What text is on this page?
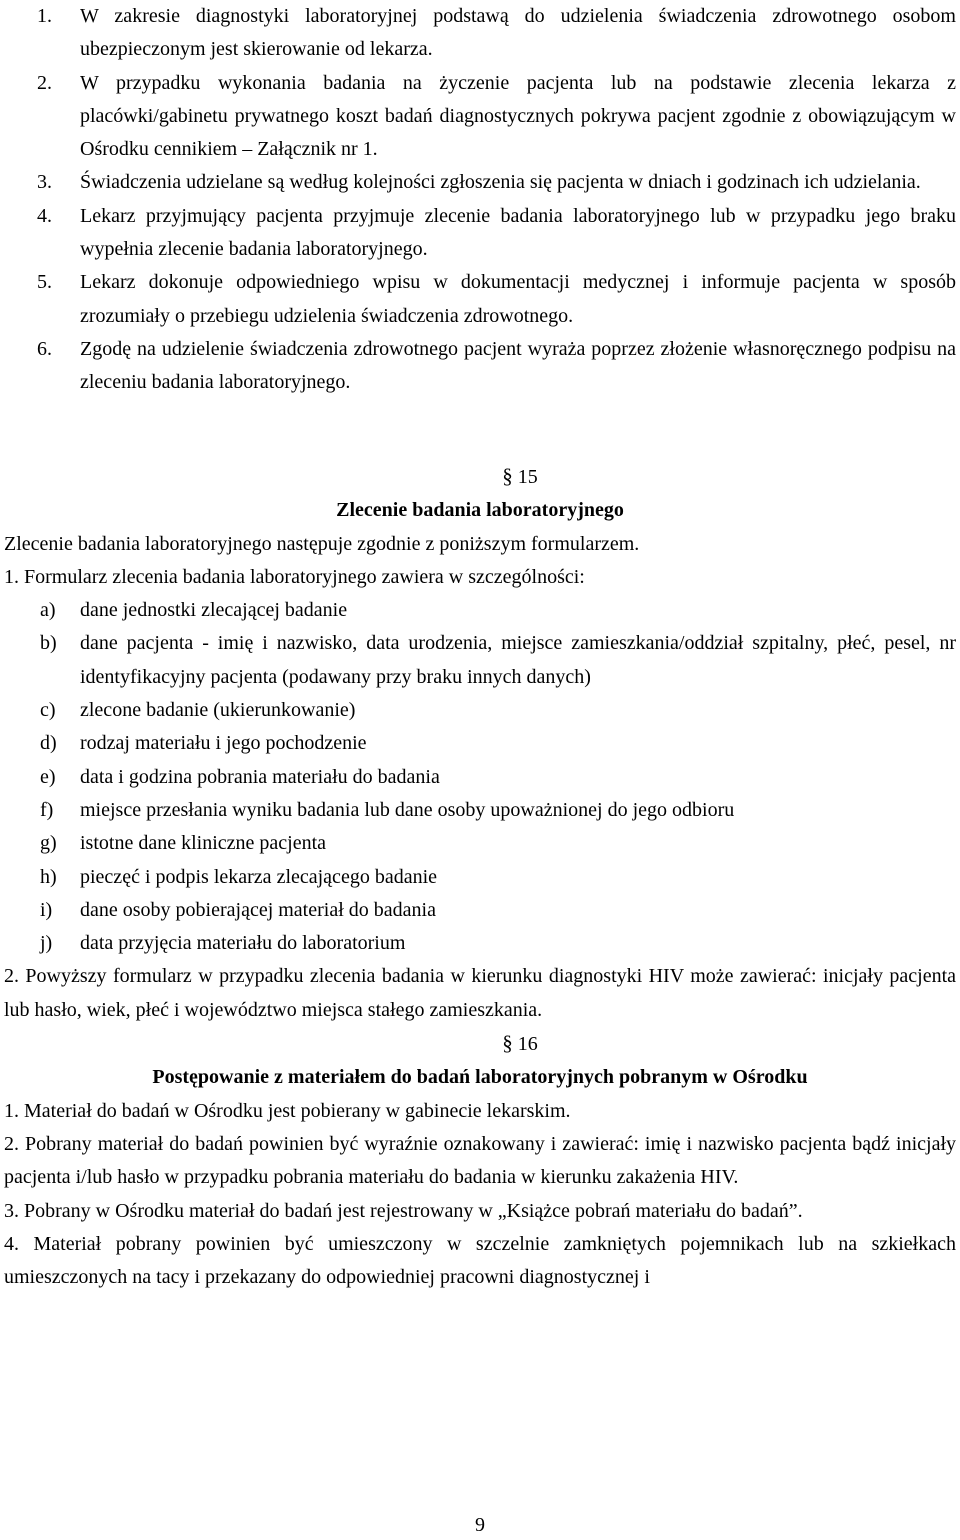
1. W zakresie diagnostyki laboratoryjnej podstawą do udzielenia świadczenia zdrowotnego osobom ubezpieczonym jest skierowanie od lekarza.
2. W przypadku wykonania badania na życzenie pacjenta lub na podstawie zlecenia lekarza z placówki/gabinetu prywatnego koszt badań diagnostycznych pokrywa pacjent zgodnie z obowiązującym w Ośrodku cennikiem – Załącznik nr 1.
3. Świadczenia udzielane są według kolejności zgłoszenia się pacjenta w dniach i godzinach ich udzielania.
4. Lekarz przyjmujący pacjenta przyjmuje zlecenie badania laboratoryjnego lub w przypadku jego braku wypełnia zlecenie badania laboratoryjnego.
5. Lekarz dokonuje odpowiedniego wpisu w dokumentacji medycznej i informuje pacjenta w sposób zrozumiały o przebiegu udzielenia świadczenia zdrowotnego.
6. Zgodę na udzielenie świadczenia zdrowotnego pacjent wyraża poprzez złożenie własnoręcznego podpisu na zleceniu badania laboratoryjnego.

§ 15

Zlecenie badania laboratoryjnego

Zlecenie badania laboratoryjnego następuje zgodnie z poniższym formularzem.

1. Formularz zlecenia badania laboratoryjnego zawiera w szczególności:

a) dane jednostki zlecającej badanie
b) dane pacjenta - imię i nazwisko, data urodzenia, miejsce zamieszkania/oddział szpitalny, płeć, pesel, nr identyfikacyjny pacjenta (podawany przy braku innych danych)
c) zlecone badanie (ukierunkowanie)
d) rodzaj materiału i jego pochodzenie
e) data i godzina pobrania materiału do badania
f) miejsce przesłania wyniku badania lub dane osoby upoważnionej do jego odbioru
g) istotne dane kliniczne pacjenta
h) pieczęć i podpis lekarza zlecającego badanie
i) dane osoby pobierającej materiał do badania
j) data przyjęcia materiału do laboratorium

2. Powyższy formularz w przypadku zlecenia badania w kierunku diagnostyki HIV może zawierać: inicjały pacjenta lub hasło, wiek, płeć i województwo miejsca stałego zamieszkania.

§ 16

Postępowanie z materiałem do badań laboratoryjnych pobranym w Ośrodku

1. Materiał do badań w Ośrodku jest pobierany w gabinecie lekarskim.

2. Pobrany materiał do badań powinien być wyraźnie oznakowany i zawierać: imię i nazwisko pacjenta bądź inicjały pacjenta i/lub hasło w przypadku pobrania materiału do badania w kierunku zakażenia HIV.

3. Pobrany w Ośrodku materiał do badań jest rejestrowany w „Książce pobrań materiału do badań”.

4. Materiał pobrany powinien być umieszczony w szczelnie zamkniętych pojemnikach lub na szkiełkach umieszczonych na tacy i przekazany do odpowiedniej pracowni diagnostycznej i

9
